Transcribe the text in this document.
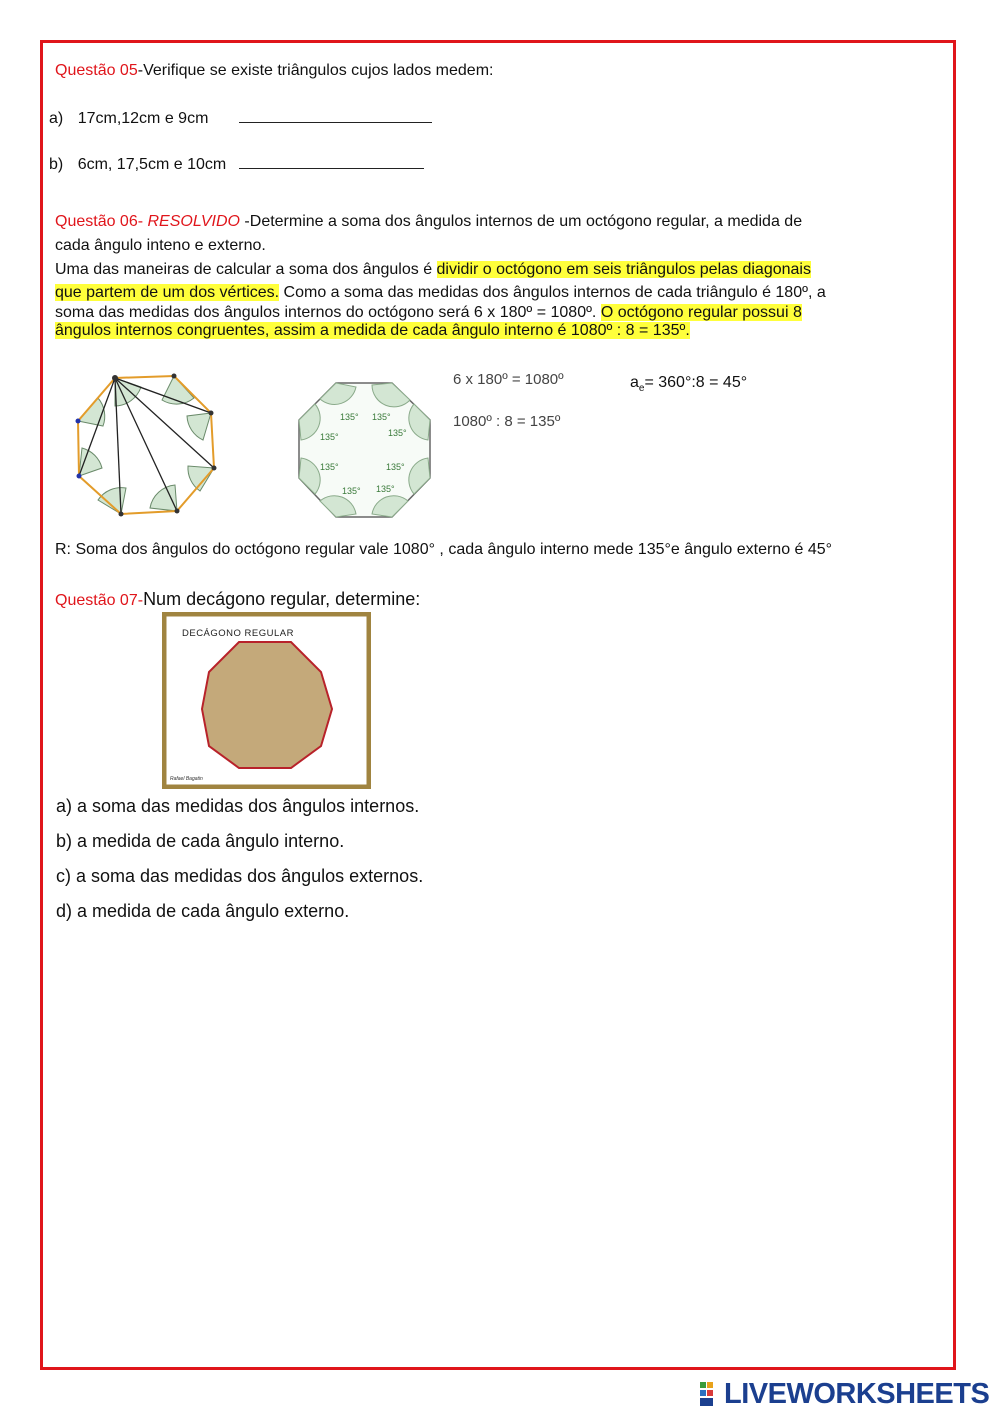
Questão 05-Verifique se existe triângulos cujos lados medem:
a) 17cm,12cm e 9cm
b) 6cm, 17,5cm e 10cm
Questão 06- RESOLVIDO -Determine a soma dos ângulos internos de um octógono regular, a medida de
cada ângulo inteno e externo.
Uma das maneiras de calcular a soma dos ângulos é dividir o octógono em seis triângulos pelas diagonais
que partem de um dos vértices. Como a soma das medidas dos ângulos internos de cada triângulo é 180º, a
soma das medidas dos ângulos internos do octógono será 6 x 180º = 1080º. O octógono regular possui 8
ângulos internos congruentes, assim a medida de cada ângulo interno é 1080º : 8 = 135º.
135° 135°
135°
135°
135°	135°
135° 135°
6 x 180º = 1080º
1080º : 8 = 135º
$a_e=$ 360°:8 = 45°
R: Soma dos ângulos do octógono regular vale 1080° , cada ângulo interno mede 135°e ângulo externo é 45°
Questão 07-Num decágono regular, determine:
DECÁGONO REGULAR
Rafael Bagatin
a) a soma das medidas dos ângulos internos.
b) a medida de cada ângulo interno.
c) a soma das medidas dos ângulos externos.
d) a medida de cada ângulo externo.
LIVEWORKSHEETS
